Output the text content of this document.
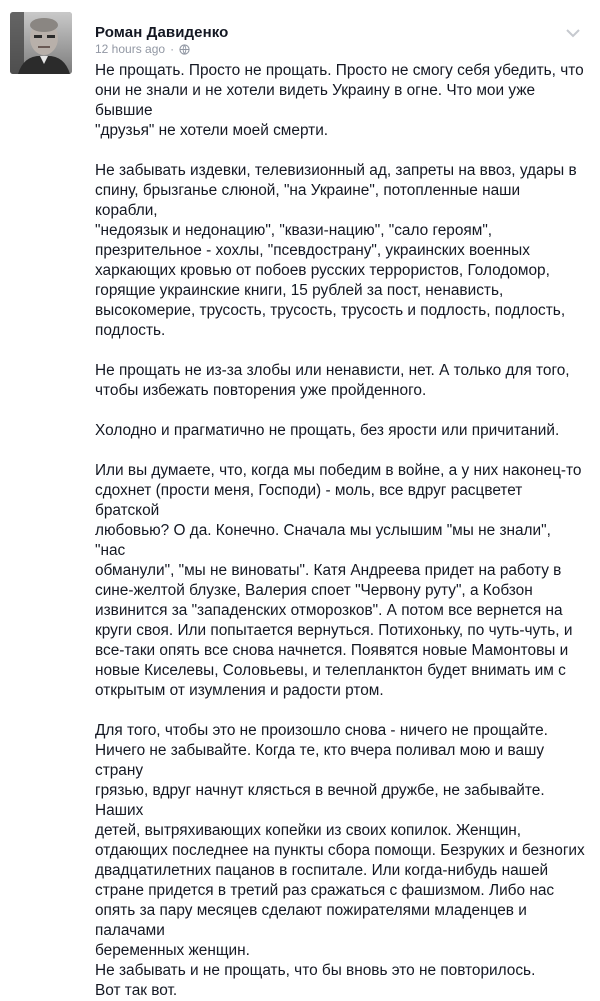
Роман Давиденко
12 hours ago ·

Не прощать. Просто не прощать. Просто не смогу себя убедить, что
они не знали и не хотели видеть Украину в огне. Что мои уже бывшие
"друзья" не хотели моей смерти.

Не забывать издевки, телевизионный ад, запреты на ввоз, удары в
спину, брызганье слюной, "на Украине", потопленные наши корабли,
"недоязык и недонацию", "квази-нацию", "сало героям",
презрительное - хохлы, "псевдострану", украинских военных
харкающих кровью от побоев русских террористов, Голодомор,
горящие украинские книги, 15 рублей за пост, ненависть,
высокомерие, трусость, трусость, трусость и подлость, подлость,
подлость.

Не прощать не из-за злобы или ненависти, нет. А только для того,
чтобы избежать повторения уже пройденного.

Холодно и прагматично не прощать, без ярости или причитаний.

Или вы думаете, что, когда мы победим в войне, а у них наконец-то
сдохнет (прости меня, Господи) - моль, все вдруг расцветет братской
любовью? О да. Конечно. Сначала мы услышим "мы не знали", "нас
обманули", "мы не виноваты". Катя Андреева придет на работу в
сине-желтой блузке, Валерия споет "Червону руту", а Кобзон
извинится за "западенских отморозков". А потом все вернется на
круги своя. Или попытается вернуться. Потихоньку, по чуть-чуть, и
все-таки опять все снова начнется. Появятся новые Мамонтовы и
новые Киселевы, Соловьевы, и телепланктон будет внимать им с
открытым от изумления и радости ртом.

Для того, чтобы это не произошло снова - ничего не прощайте.
Ничего не забывайте. Когда те, кто вчера поливал мою и вашу страну
грязью, вдруг начнут клясться в вечной дружбе, не забывайте. Наших
детей, вытряхивающих копейки из своих копилок. Женщин,
отдающих последнее на пункты сбора помощи. Безруких и безногих
двадцатилетних пацанов в госпитале. Или когда-нибудь нашей
стране придется в третий раз сражаться с фашизмом. Либо нас
опять за пару месяцев сделают пожирателями младенцев и палачами
беременных женщин.
Не забывать и не прощать, что бы вновь это не повторилось.
Вот так вот.
